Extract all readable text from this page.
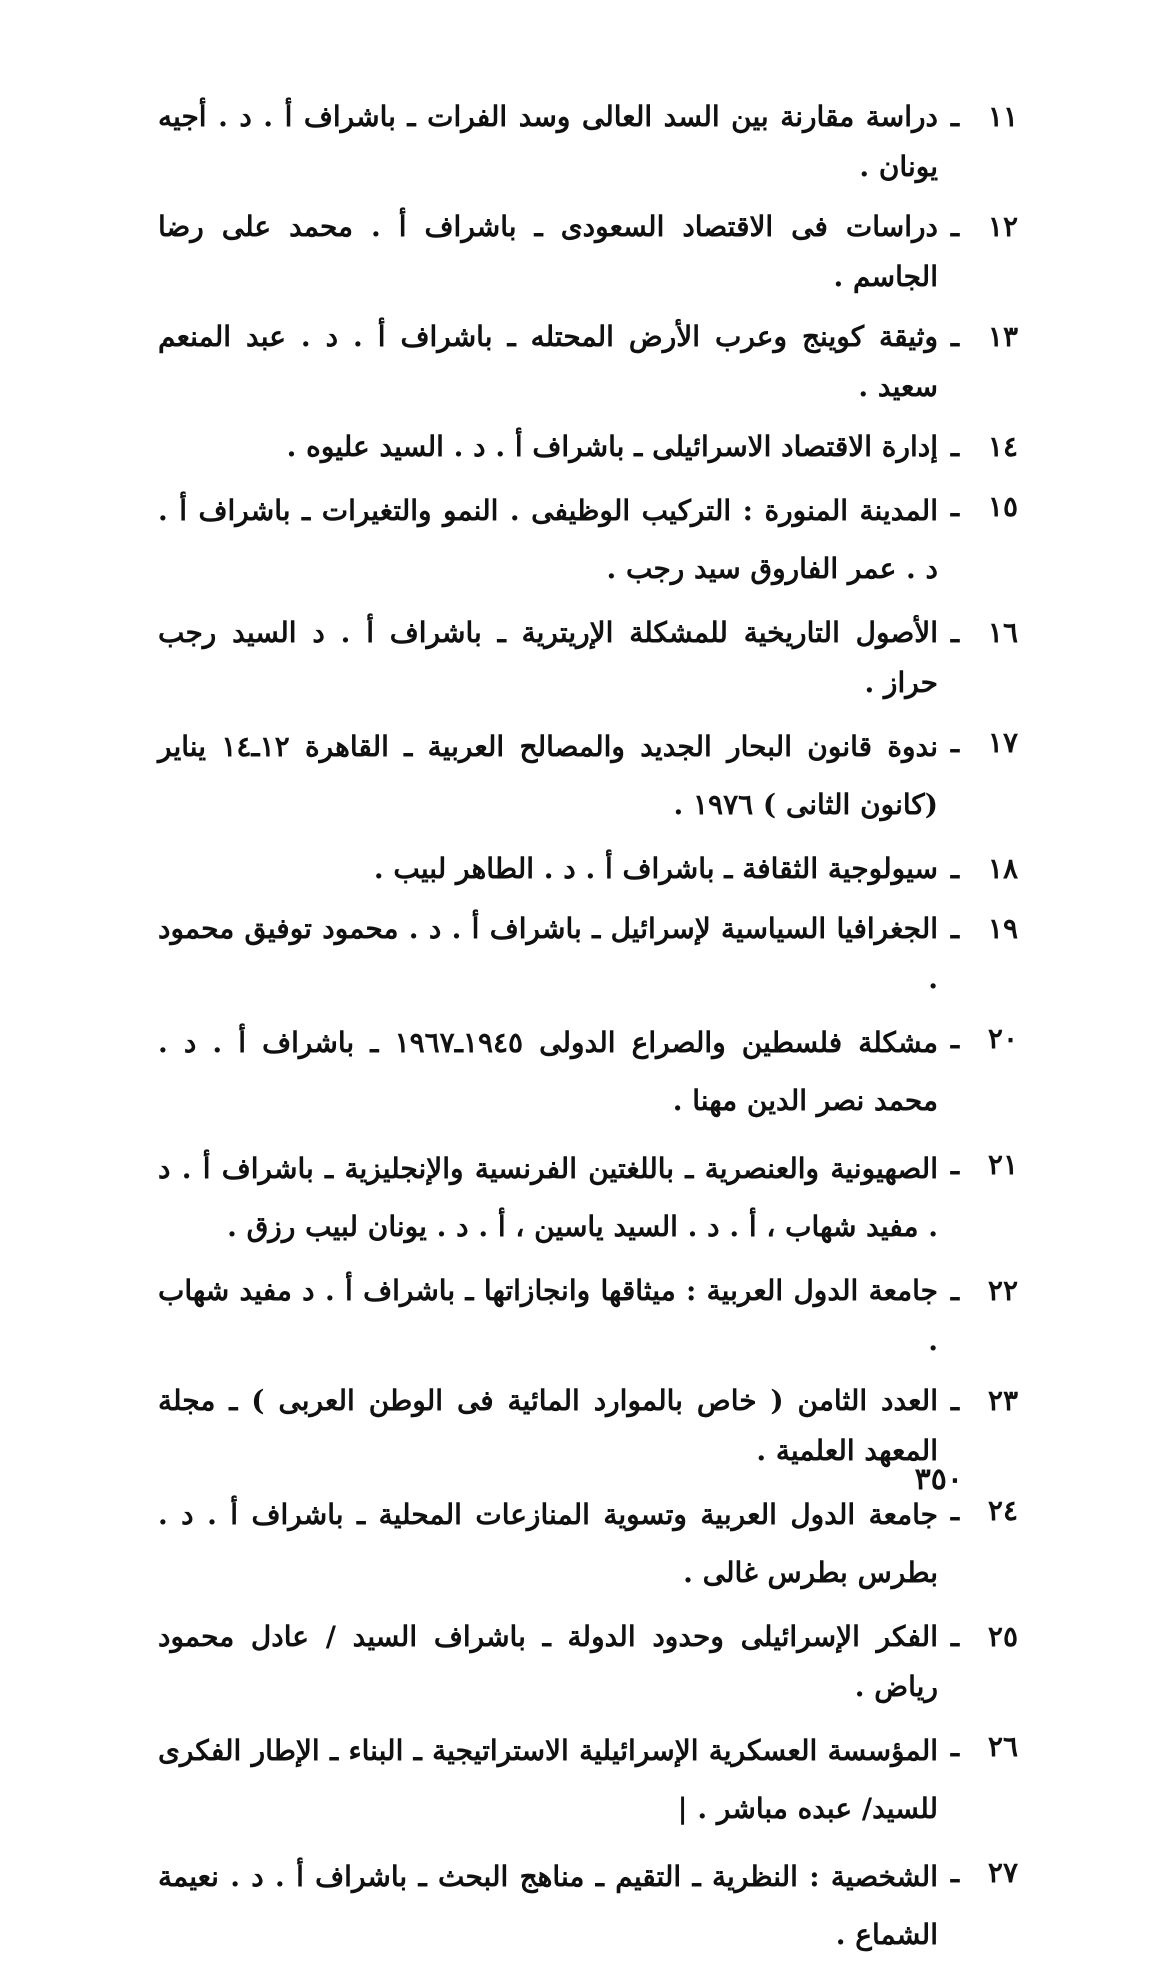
١١
ـ
دراسة مقارنة بين السد العالى وسد الفرات ـ باشراف أ . د . أجيه يونان .
١٢
ـ
دراسات فى الاقتصاد السعودى ـ باشراف أ . محمد على رضا الجاسم .
١٣
ـ
وثيقة كوينج وعرب الأرض المحتله ـ باشراف أ . د . عبد المنعم سعيد .
١٤
ـ
إدارة الاقتصاد الاسرائيلى ـ باشراف أ . د . السيد عليوه .
١٥
ـ
المدينة المنورة : التركيب الوظيفى . النمو والتغيرات ـ باشراف أ . د . عمر الفاروق سيد رجب .
١٦
ـ
الأصول التاريخية للمشكلة الإريترية ـ باشراف أ . د السيد رجب حراز .
١٧
ـ
ندوة قانون البحار الجديد والمصالح العربية ـ القاهرة ١٢ـ١٤ يناير (كانون الثانى ) ١٩٧٦ .
١٨
ـ
سيولوجية الثقافة ـ باشراف أ . د . الطاهر لبيب .
١٩
ـ
الجغرافيا السياسية لإسرائيل ـ باشراف أ . د . محمود توفيق محمود .
٢٠
ـ
مشكلة فلسطين والصراع الدولى ١٩٤٥ـ١٩٦٧ ـ باشراف أ . د . محمد نصر الدين مهنا .
٢١
ـ
الصهيونية والعنصرية ـ باللغتين الفرنسية والإنجليزية ـ باشراف أ . د . مفيد شهاب ، أ . د . السيد ياسين ، أ . د . يونان لبيب رزق .
٢٢
ـ
جامعة الدول العربية : ميثاقها وانجازاتها ـ باشراف أ . د مفيد شهاب .
٢٣
ـ
العدد الثامن ( خاص بالموارد المائية فى الوطن العربى ) ـ مجلة المعهد العلمية .
٢٤
ـ
جامعة الدول العربية وتسوية المنازعات المحلية ـ باشراف أ . د . بطرس بطرس غالى .
٢٥
ـ
الفكر الإسرائيلى وحدود الدولة ـ باشراف السيد / عادل محمود رياض .
٢٦
ـ
المؤسسة العسكرية الإسرائيلية الاستراتيجية ـ البناء ـ الإطار الفكرى للسيد/ عبده مباشر . |
٢٧
ـ
الشخصية : النظرية ـ التقيم ـ مناهج البحث ـ باشراف أ . د . نعيمة الشماع .
٣٥٠
